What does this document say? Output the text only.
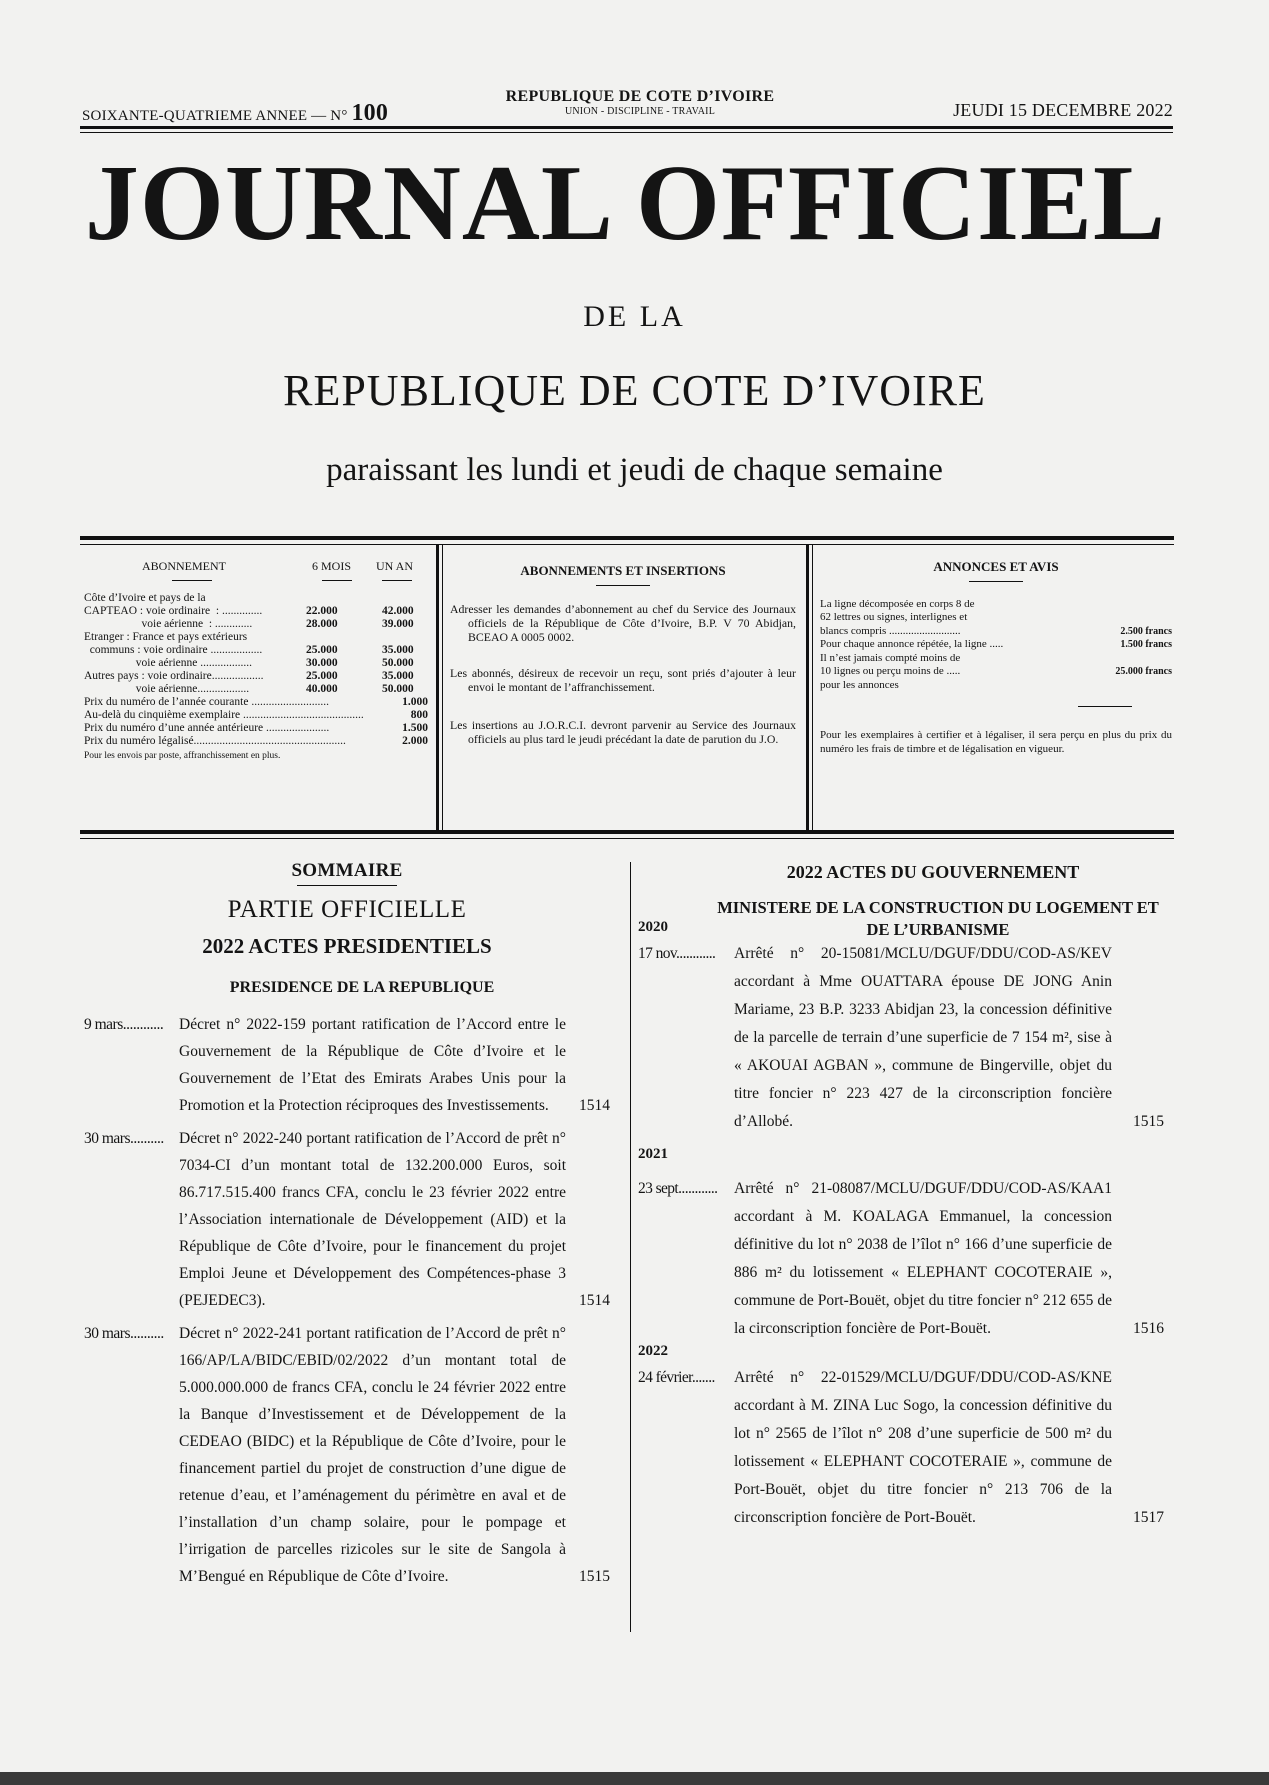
SOIXANTE-QUATRIEME ANNEE — N° 100
REPUBLIQUE DE COTE D’IVOIRE
UNION - DISCIPLINE - TRAVAIL	JEUDI 15 DECEMBRE 2022
JOURNAL OFFICIEL
DE LA
REPUBLIQUE DE COTE D’IVOIRE
paraissant les lundi et jeudi de chaque semaine
ABONNEMENT	6 MOIS UN AN
Côte d’Ivoire et pays de la
CAPTEAO : voie ordinaire  : ..............	22.000	42.000
voie aérienne  : .............	28.000	39.000
Etranger : France et pays extérieurs
communs : voie ordinaire ..................	25.000	35.000
voie aérienne ..................	30.000	50.000
Autres pays : voie ordinaire..................	25.000	35.000
voie aérienne..................	40.000	50.000
Prix du numéro de l’année courante ...........................	1.000
Au-delà du cinquième exemplaire ..........................................	800
Prix du numéro d’une année antérieure ......................	1.500
Prix du numéro légalisé.....................................................	2.000
Pour les envois par poste, affranchissement en plus.
ABONNEMENTS ET INSERTIONS

Adresser les demandes d’abonnement au chef du Service des Journaux officiels de la République de Côte d’Ivoire, B.P. V 70 Abidjan, BCEAO A 0005 0002.

Les abonnés, désireux de recevoir un reçu, sont priés d’ajouter à leur envoi le montant de l’affranchissement.

Les insertions au J.O.R.C.I. devront parvenir au Service des Journaux officiels au plus tard le jeudi précédant la date de parution du J.O.

ANNONCES ET AVIS
La ligne décomposée en corps 8 de
62 lettres ou signes, interlignes et
blancs compris ..........................	2.500 francs
Pour chaque annonce répétée, la ligne .....	1.500 francs
Il n’est jamais compté moins de
10 lignes ou perçu moins de .....	25.000 francs
pour les annonces

Pour les exemplaires à certifier et à légaliser, il sera perçu en plus du prix du numéro les frais de timbre et de légalisation en vigueur.

SOMMAIRE
PARTIE OFFICIELLE
2022 ACTES PRESIDENTIELS
PRESIDENCE DE LA REPUBLIQUE
9 mars............ Décret n° 2022-159 portant ratification de l’Accord entre le Gouvernement de la République de Côte d’Ivoire et le Gouvernement de l’Etat des Emirats Arabes Unis pour la Promotion et la Protection réciproques des Investissements.	1514
30 mars.......... Décret n° 2022-240 portant ratification de l’Accord de prêt n° 7034-CI d’un montant total de 132.200.000 Euros, soit 86.717.515.400 francs CFA, conclu le 23 février 2022 entre l’Association internationale de Développement (AID) et la République de Côte d’Ivoire, pour le financement du projet Emploi Jeune et Développement des Compétences-phase 3 (PEJEDEC3).	1514
30 mars.......... Décret n° 2022-241 portant ratification de l’Accord de prêt n° 166/AP/LA/BIDC/EBID/02/2022 d’un montant total de 5.000.000.000 de francs CFA, conclu le 24 février 2022 entre la Banque d’Investissement et de Développement de la CEDEAO (BIDC) et la République de Côte d’Ivoire, pour le financement partiel du projet de construction d’une digue de retenue d’eau, et l’aménagement du périmètre en aval et de l’installation d’un champ solaire, pour le pompage et l’irrigation de parcelles rizicoles sur le site de Sangola à M’Bengué en République de Côte d’Ivoire.	1515
2022 ACTES DU GOUVERNEMENT
MINISTERE DE LA CONSTRUCTION DU LOGEMENT ET DE L’URBANISME
2020
17 nov............ Arrêté n° 20-15081/MCLU/DGUF/DDU/COD-AS/KEV accordant à Mme OUATTARA épouse DE JONG Anin Mariame, 23 B.P. 3233 Abidjan 23, la concession définitive de la parcelle de terrain d’une superficie de 7 154 m², sise à « AKOUAI AGBAN », commune de Bingerville, objet du titre foncier n° 223 427 de la circonscription foncière d’Allobé.	1515
2021
23 sept............ Arrêté n° 21-08087/MCLU/DGUF/DDU/COD-AS/KAA1 accordant à M. KOALAGA Emmanuel, la concession définitive du lot n° 2038 de l’îlot n° 166 d’une superficie de 886 m² du lotissement « ELEPHANT COCOTERAIE », commune de Port-Bouët, objet du titre foncier n° 212 655 de la circonscription foncière de Port-Bouët.	1516
2022
24 février....... Arrêté n° 22-01529/MCLU/DGUF/DDU/COD-AS/KNE accordant à M. ZINA Luc Sogo, la concession définitive du lot n° 2565 de l’îlot n° 208 d’une superficie de 500 m² du lotissement « ELEPHANT COCOTERAIE », commune de Port-Bouët, objet du titre foncier n° 213 706 de la circonscription foncière de Port-Bouët.	1517
